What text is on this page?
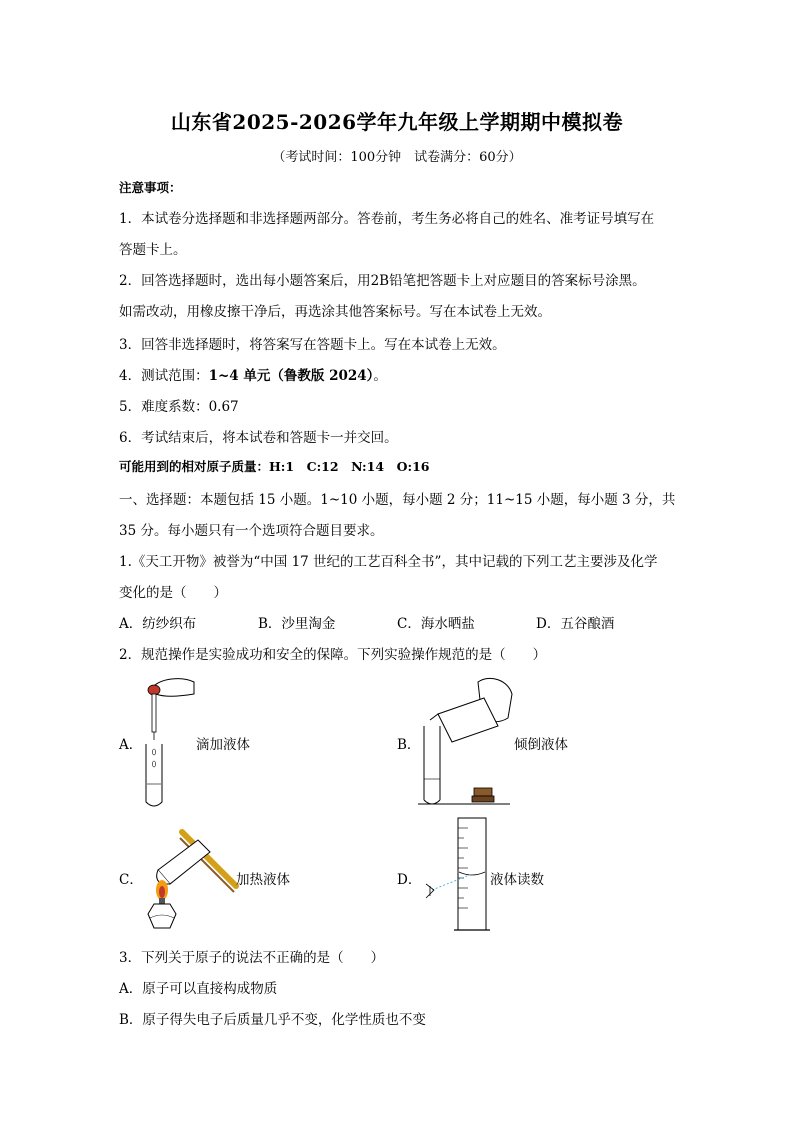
山东省2025-2026学年九年级上学期期中模拟卷
（考试时间：100分钟　试卷满分：60分）
注意事项：
1．本试卷分选择题和非选择题两部分。答卷前，考生务必将自己的姓名、准考证号填写在
答题卡上。
2．回答选择题时，选出每小题答案后，用2B铅笔把答题卡上对应题目的答案标号涂黑。
如需改动，用橡皮擦干净后，再选涂其他答案标号。写在本试卷上无效。
3．回答非选择题时，将答案写在答题卡上。写在本试卷上无效。
4．测试范围：1~4 单元（鲁教版 2024）。
5．难度系数：0.67
6．考试结束后，将本试卷和答题卡一并交回。
可能用到的相对原子质量：H:1　C:12　N:14　O:16
一、选择题：本题包括 15 小题。1~10 小题，每小题 2 分；11~15 小题，每小题 3 分，共
35 分。每小题只有一个选项符合题目要求。
1.《天工开物》被誉为“中国 17 世纪的工艺百科全书”，其中记载的下列工艺主要涉及化学
变化的是（　　）
A．纺纱织布	B．沙里淘金	C．海水晒盐	D．五谷酿酒
2．规范操作是实验成功和安全的保障。下列实验操作规范的是（　　）
A．	滴加液体	B．	倾倒液体
C．	加热液体	D．	液体读数
3．下列关于原子的说法不正确的是（　　）
A．原子可以直接构成物质
B．原子得失电子后质量几乎不变，化学性质也不变
